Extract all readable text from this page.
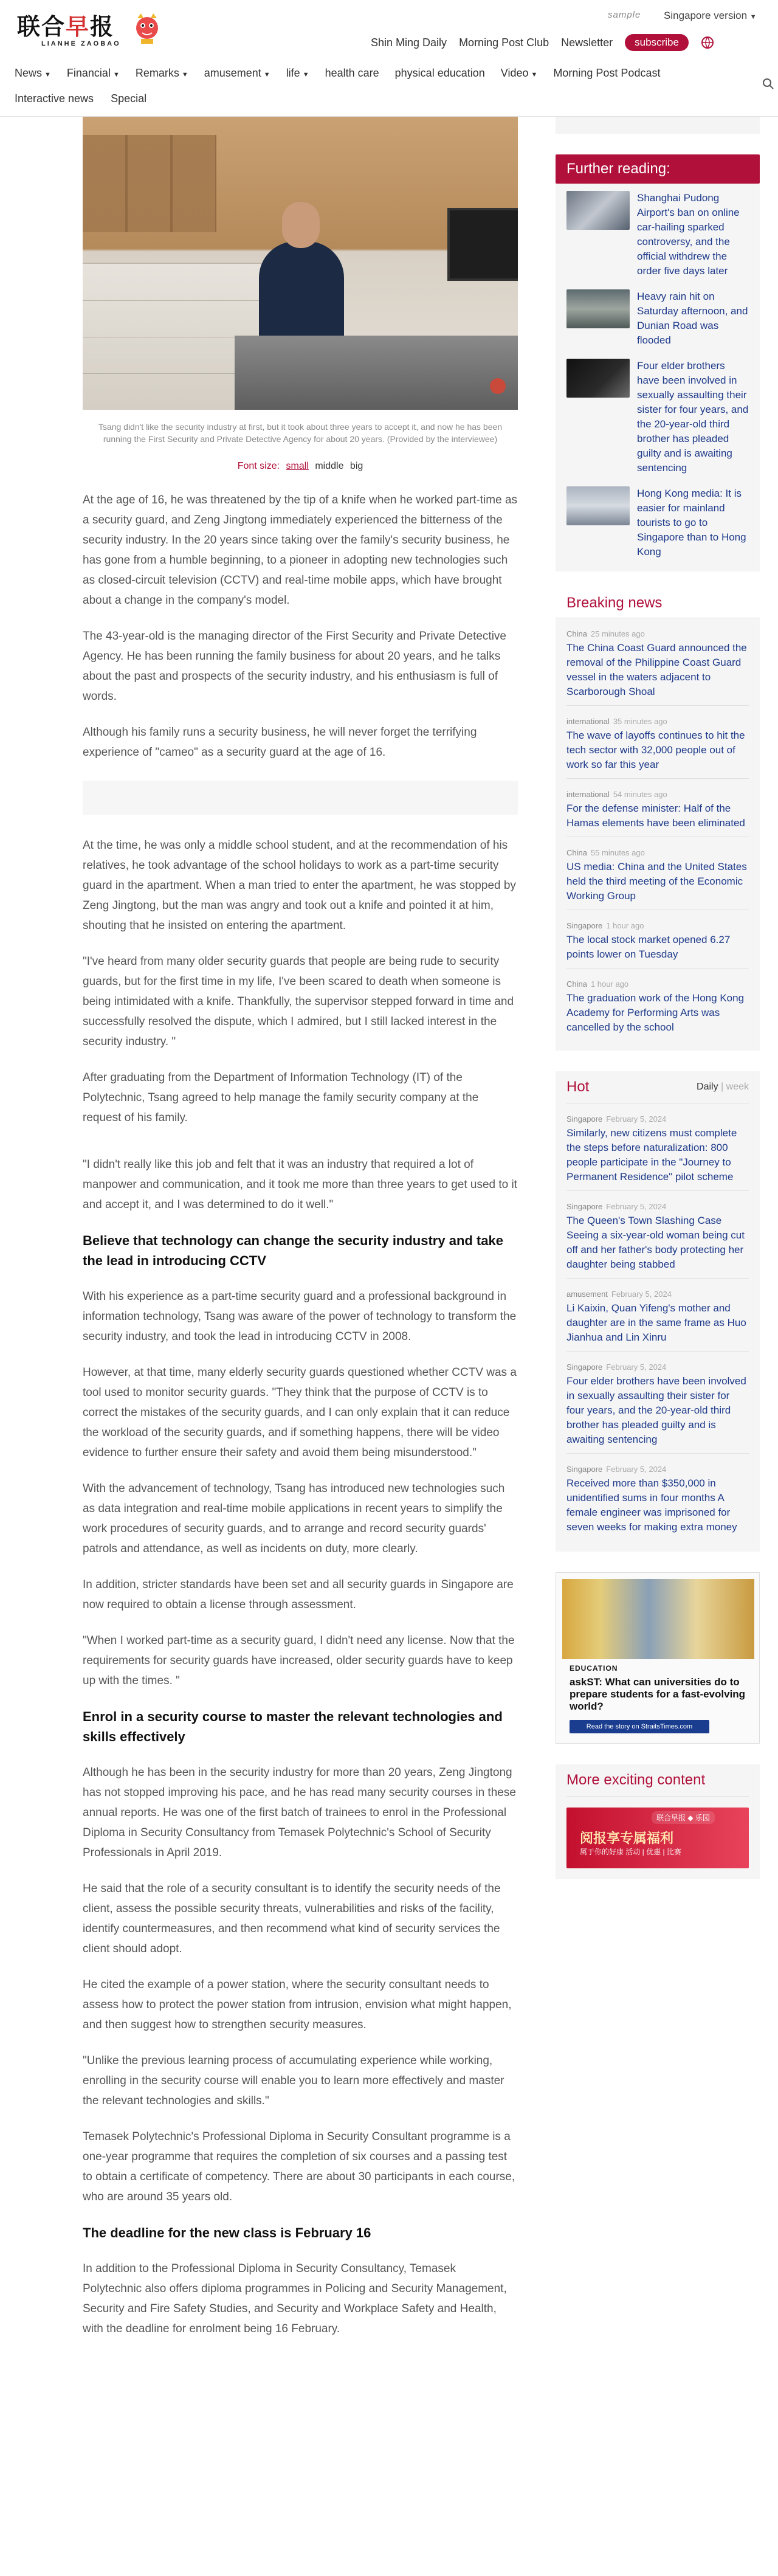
联合早报
LIANHE ZAOBAO
sample Singapore version ▼
Shin Ming Daily Morning Post Club Newsletter	subscribe
News ▼ Financial ▼ Remarks ▼ amusement ▼ life ▼ health care physical education Video ▼ Morning Post Podcast
Interactive news Special
Tsang didn't like the security industry at first, but it took about three years to accept it, and now he has been running the First Security and Private Detective Agency for about 20 years. (Provided by the interviewee)
Font size: small middle big

At the age of 16, he was threatened by the tip of a knife when he worked part-time as a security guard, and Zeng Jingtong immediately experienced the bitterness of the security industry. In the 20 years since taking over the family's security business, he has gone from a humble beginning, to a pioneer in adopting new technologies such as closed-circuit television (CCTV) and real-time mobile apps, which have brought about a change in the company's model.

The 43-year-old is the managing director of the First Security and Private Detective Agency. He has been running the family business for about 20 years, and he talks about the past and prospects of the security industry, and his enthusiasm is full of words.

Although his family runs a security business, he will never forget the terrifying experience of "cameo" as a security guard at the age of 16.

At the time, he was only a middle school student, and at the recommendation of his relatives, he took advantage of the school holidays to work as a part-time security guard in the apartment. When a man tried to enter the apartment, he was stopped by Zeng Jingtong, but the man was angry and took out a knife and pointed it at him, shouting that he insisted on entering the apartment.

"I've heard from many older security guards that people are being rude to security guards, but for the first time in my life, I've been scared to death when someone is being intimidated with a knife. Thankfully, the supervisor stepped forward in time and successfully resolved the dispute, which I admired, but I still lacked interest in the security industry. "

After graduating from the Department of Information Technology (IT) of the Polytechnic, Tsang agreed to help manage the family security company at the request of his family.

"I didn't really like this job and felt that it was an industry that required a lot of manpower and communication, and it took me more than three years to get used to it and accept it, and I was determined to do it well."

Believe that technology can change the security industry and take the lead in introducing CCTV

With his experience as a part-time security guard and a professional background in information technology, Tsang was aware of the power of technology to transform the security industry, and took the lead in introducing CCTV in 2008.

However, at that time, many elderly security guards questioned whether CCTV was a tool used to monitor security guards. "They think that the purpose of CCTV is to correct the mistakes of the security guards, and I can only explain that it can reduce the workload of the security guards, and if something happens, there will be video evidence to further ensure their safety and avoid them being misunderstood."

With the advancement of technology, Tsang has introduced new technologies such as data integration and real-time mobile applications in recent years to simplify the work procedures of security guards, and to arrange and record security guards' patrols and attendance, as well as incidents on duty, more clearly.

In addition, stricter standards have been set and all security guards in Singapore are now required to obtain a license through assessment.

"When I worked part-time as a security guard, I didn't need any license. Now that the requirements for security guards have increased, older security guards have to keep up with the times. "

Enrol in a security course to master the relevant technologies and skills effectively

Although he has been in the security industry for more than 20 years, Zeng Jingtong has not stopped improving his pace, and he has read many security courses in these annual reports. He was one of the first batch of trainees to enrol in the Professional Diploma in Security Consultancy from Temasek Polytechnic's School of Security Professionals in April 2019.

He said that the role of a security consultant is to identify the security needs of the client, assess the possible security threats, vulnerabilities and risks of the facility, identify countermeasures, and then recommend what kind of security services the client should adopt.

He cited the example of a power station, where the security consultant needs to assess how to protect the power station from intrusion, envision what might happen, and then suggest how to strengthen security measures.

"Unlike the previous learning process of accumulating experience while working, enrolling in the security course will enable you to learn more effectively and master the relevant technologies and skills."

Temasek Polytechnic's Professional Diploma in Security Consultant programme is a one-year programme that requires the completion of six courses and a passing test to obtain a certificate of competency. There are about 30 participants in each course, who are around 35 years old.

The deadline for the new class is February 16

In addition to the Professional Diploma in Security Consultancy, Temasek Polytechnic also offers diploma programmes in Policing and Security Management, Security and Fire Safety Studies, and Security and Workplace Safety and Health, with the deadline for enrolment being 16 February.

Further reading:
Shanghai Pudong Airport's ban on online car-hailing sparked controversy, and the official withdrew the order five days later
Heavy rain hit on Saturday afternoon, and Dunian Road was flooded
Four elder brothers have been involved in sexually assaulting their sister for four years, and the 20-year-old third brother has pleaded guilty and is awaiting sentencing
Hong Kong media: It is easier for mainland tourists to go to Singapore than to Hong Kong
Breaking news
China 25 minutes ago
The China Coast Guard announced the removal of the Philippine Coast Guard vessel in the waters adjacent to Scarborough Shoal
international 35 minutes ago
The wave of layoffs continues to hit the tech sector with 32,000 people out of work so far this year
international 54 minutes ago
For the defense minister: Half of the Hamas elements have been eliminated
China 55 minutes ago
US media: China and the United States held the third meeting of the Economic Working Group
Singapore 1 hour ago
The local stock market opened 6.27 points lower on Tuesday
China 1 hour ago
The graduation work of the Hong Kong Academy for Performing Arts was cancelled by the school
Hot	Daily | week
Singapore February 5, 2024
Similarly, new citizens must complete the steps before naturalization: 800 people participate in the "Journey to Permanent Residence" pilot scheme
Singapore February 5, 2024
The Queen's Town Slashing Case Seeing a six-year-old woman being cut off and her father's body protecting her daughter being stabbed
amusement February 5, 2024
Li Kaixin, Quan Yifeng's mother and daughter are in the same frame as Huo Jianhua and Lin Xinru
Singapore February 5, 2024
Four elder brothers have been involved in sexually assaulting their sister for four years, and the 20-year-old third brother has pleaded guilty and is awaiting sentencing
Singapore February 5, 2024
Received more than $350,000 in unidentified sums in four months A female engineer was imprisoned for seven weeks for making extra money
EDUCATION
askST: What can universities do to prepare students for a fast-evolving world?
Read the story on StraitsTimes.com
More exciting content
联合早报 ◆ 乐园
阅报享专属福利
属于你的好康 活动 | 优惠 | 比赛
